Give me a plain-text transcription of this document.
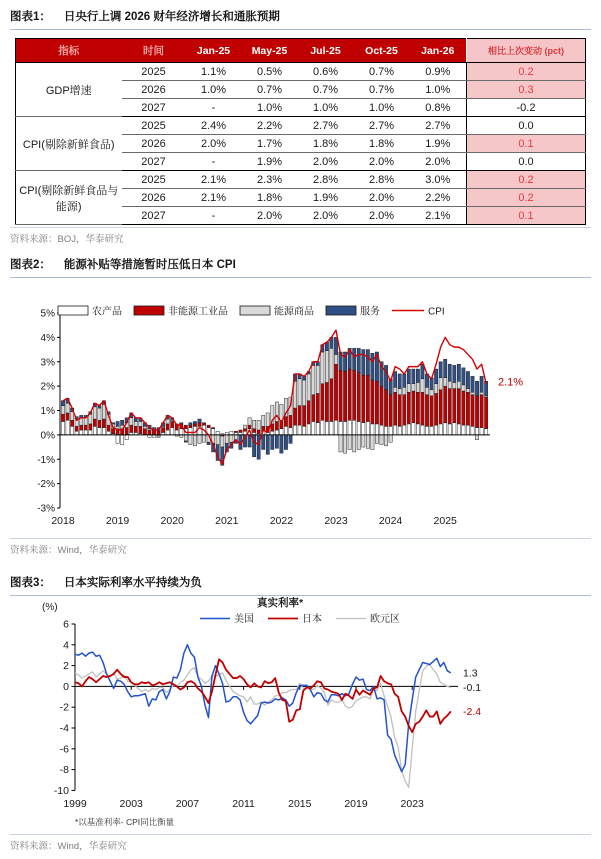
图表1： 日央行上调 2026 财年经济增长和通胀预期
指标	时间	Jan-25	May-25	Jul-25	Oct-25	Jan-26	相比上次变动 (pct)
GDP增速	2025	1.1%	0.5%	0.6%	0.7%	0.9%	0.2
	2026	1.0%	0.7%	0.7%	0.7%	1.0%	0.3
	2027	-	1.0%	1.0%	1.0%	0.8%	-0.2
CPI(剔除新鲜食品)	2025	2.4%	2.2%	2.7%	2.7%	2.7%	0.0
	2026	2.0%	1.7%	1.8%	1.8%	1.9%	0.1
	2027	-	1.9%	2.0%	2.0%	2.0%	0.0
CPI(剔除新鲜食品与能源)	2025	2.1%	2.3%	2.8%	2.8%	3.0%	0.2
	2026	2.1%	1.8%	1.9%	2.0%	2.2%	0.2
	2027	-	2.0%	2.0%	2.0%	2.1%	0.1
资料来源：BOJ，华泰研究
图表2： 能源补贴等措施暂时压低日本 CPI
5%
4%
3%
2%
1%
0%
-1%
-2%
-3%
2018	2019	2020	2021	2022	2023	2024	2025
2.1%
农产品	非能源工业品	能源商品	服务	CPI
资料来源：Wind，华泰研究
图表3： 日本实际利率水平持续为负
真实利率*
(%)
美国	日本	欧元区
6
4
2
0
-2
-4
-6
-8
-10
1999	2003	2007	2011	2015	2019	2023
1.3
-2.4
-0.1
*以基准利率- CPI同比衡量
资料来源：Wind，华泰研究
